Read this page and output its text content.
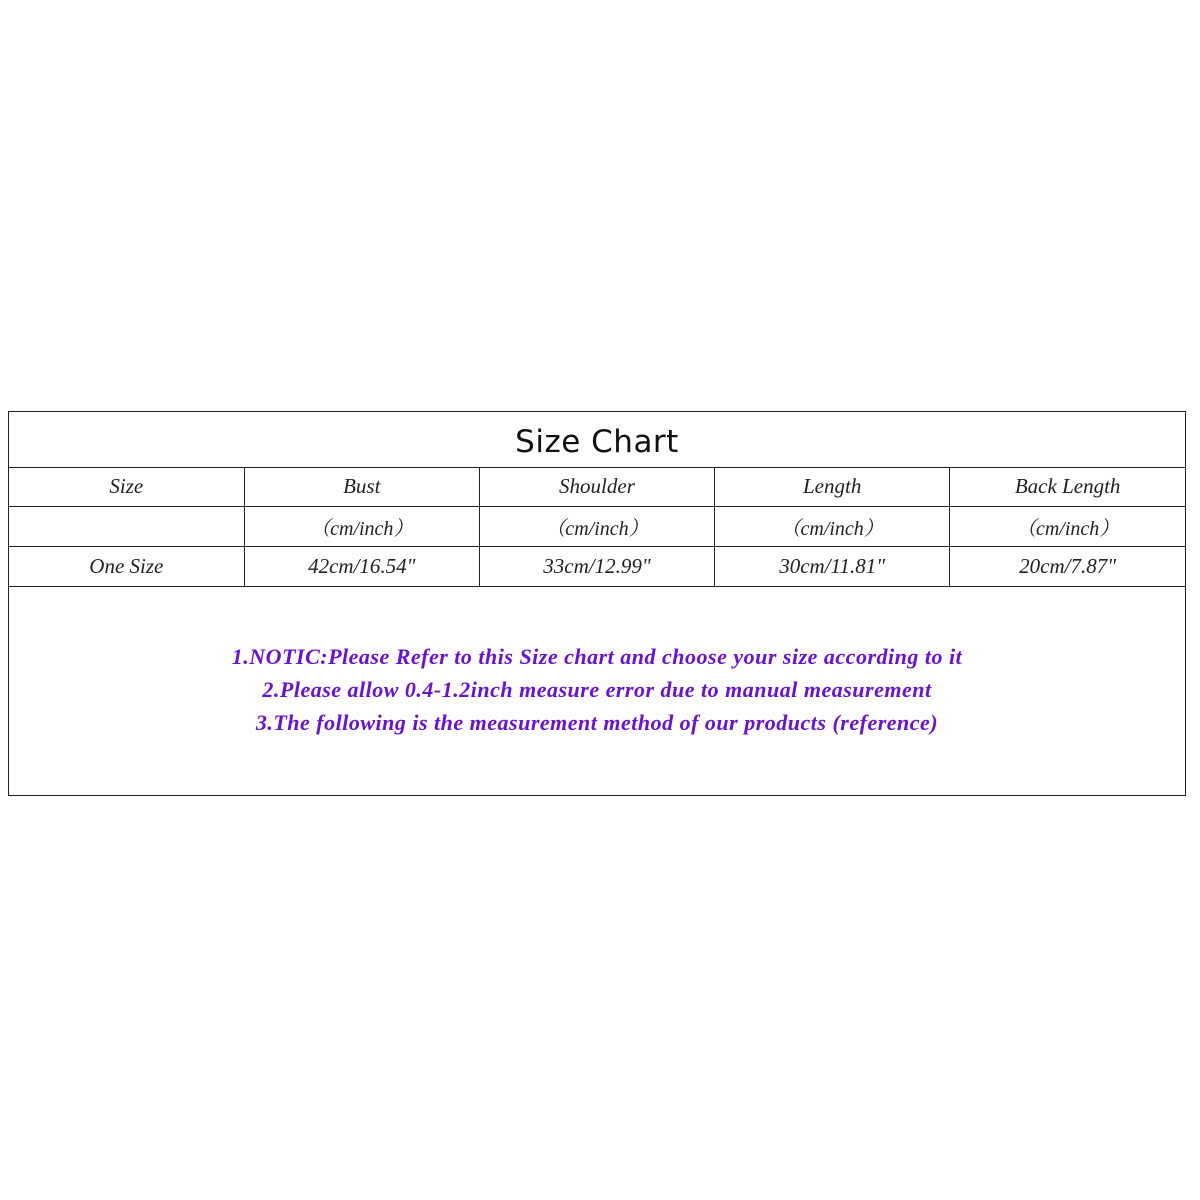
Size Chart
Size	Bust	Shoulder	Length	Back Length
	（cm/inch）	（cm/inch）	（cm/inch）	（cm/inch）
One Size	42cm/16.54"	33cm/12.99"	30cm/11.81"	20cm/7.87"
1.NOTIC:Please Refer to this Size chart and choose your size according to it
2.Please allow 0.4-1.2inch measure error due to manual measurement
3.The following is the measurement method of our products (reference)
